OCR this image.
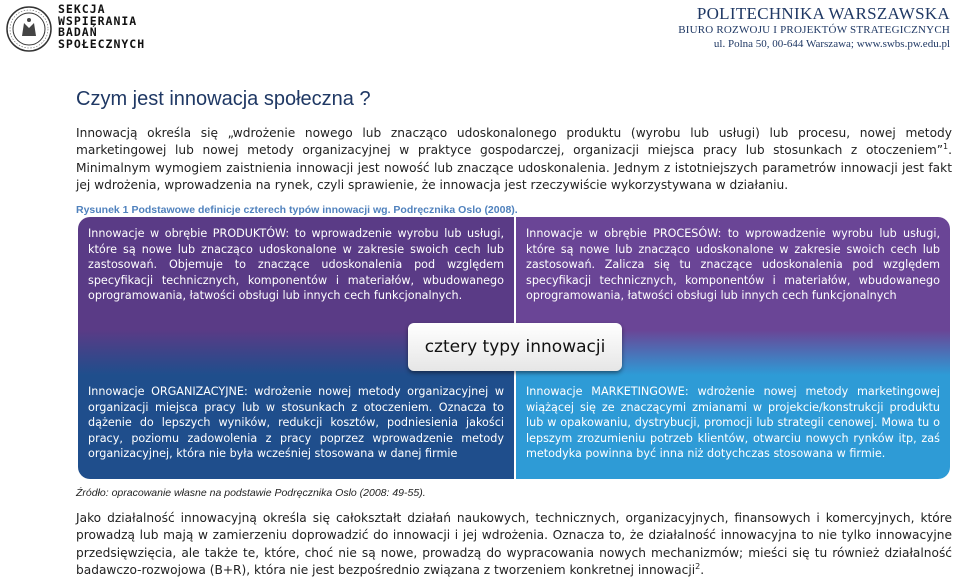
SEKCJA
WSPIERANIA
BADAŃ
SPOŁECZNYCH
POLITECHNIKA WARSZAWSKA
BIURO ROZWOJU I PROJEKTÓW STRATEGICZNYCH
ul. Polna 50, 00-644 Warszawa; www.swbs.pw.edu.pl
Czym jest innowacja społeczna ?
Innowacją określa się „wdrożenie nowego lub znacząco udoskonalonego produktu (wyrobu lub usługi) lub procesu, nowej metody marketingowej lub nowej metody organizacyjnej w praktyce gospodarczej, organizacji miejsca pracy lub stosunkach z otoczeniem”$^1$. Minimalnym wymogiem zaistnienia innowacji jest nowość lub znaczące udoskonalenia. Jednym z istotniejszych parametrów innowacji jest fakt jej wdrożenia, wprowadzenia na rynek, czyli sprawienie, że innowacja jest rzeczywiście wykorzystywana w działaniu.
Rysunek 1 Podstawowe definicje czterech typów innowacji wg. Podręcznika Oslo (2008).
Innowacje w obrębie PRODUKTÓW: to wprowadzenie wyrobu lub usługi, które są nowe lub znacząco udoskonalone w zakresie swoich cech lub zastosowań. Objemuje to znaczące udoskonalenia pod względem specyfikacji technicznych, komponentów i materiałów, wbudowanego oprogramowania, łatwości obsługi lub innych cech funkcjonalnych.
Innowacje w obrębie PROCESÓW: to wprowadzenie wyrobu lub usługi, które są nowe lub znacząco udoskonalone w zakresie swoich cech lub zastosowań. Zalicza się tu znaczące udoskonalenia pod względem specyfikacji technicznych, komponentów i materiałów, wbudowanego oprogramowania, łatwości obsługi lub innych cech funkcjonalnych
Innowacje ORGANIZACYJNE: wdrożenie nowej metody organizacyjnej w organizacji miejsca pracy lub w stosunkach z otoczeniem. Oznacza to dążenie do lepszych wyników, redukcji kosztów, podniesienia jakości pracy, poziomu zadowolenia z pracy poprzez wprowadzenie metody organizacyjnej, która nie była wcześniej stosowana w danej firmie
Innowacje MARKETINGOWE: wdrożenie nowej metody marketingowej wiążącej się ze znaczącymi zmianami w projekcie/konstrukcji produktu lub w opakowaniu, dystrybucji, promocji lub strategii cenowej. Mowa tu o lepszym zrozumieniu potrzeb klientów, otwarciu nowych rynków itp, zaś metodyka powinna być inna niż dotychczas stosowana w firmie.
cztery typy innowacji
Źródło: opracowanie własne na podstawie Podręcznika Oslo (2008: 49-55).
Jako działalność innowacyjną określa się całokształt działań naukowych, technicznych, organizacyjnych, finansowych i komercyjnych, które prowadzą lub mają w zamierzeniu doprowadzić do innowacji i jej wdrożenia. Oznacza to, że działalność innowacyjna to nie tylko innowacyjne przedsięwzięcia, ale także te, które, choć nie są nowe, prowadzą do wypracowania nowych mechanizmów; mieści się tu również działalność badawczo-rozwojowa (B+R), która nie jest bezpośrednio związana z tworzeniem konkretnej innowacji$^2$.
